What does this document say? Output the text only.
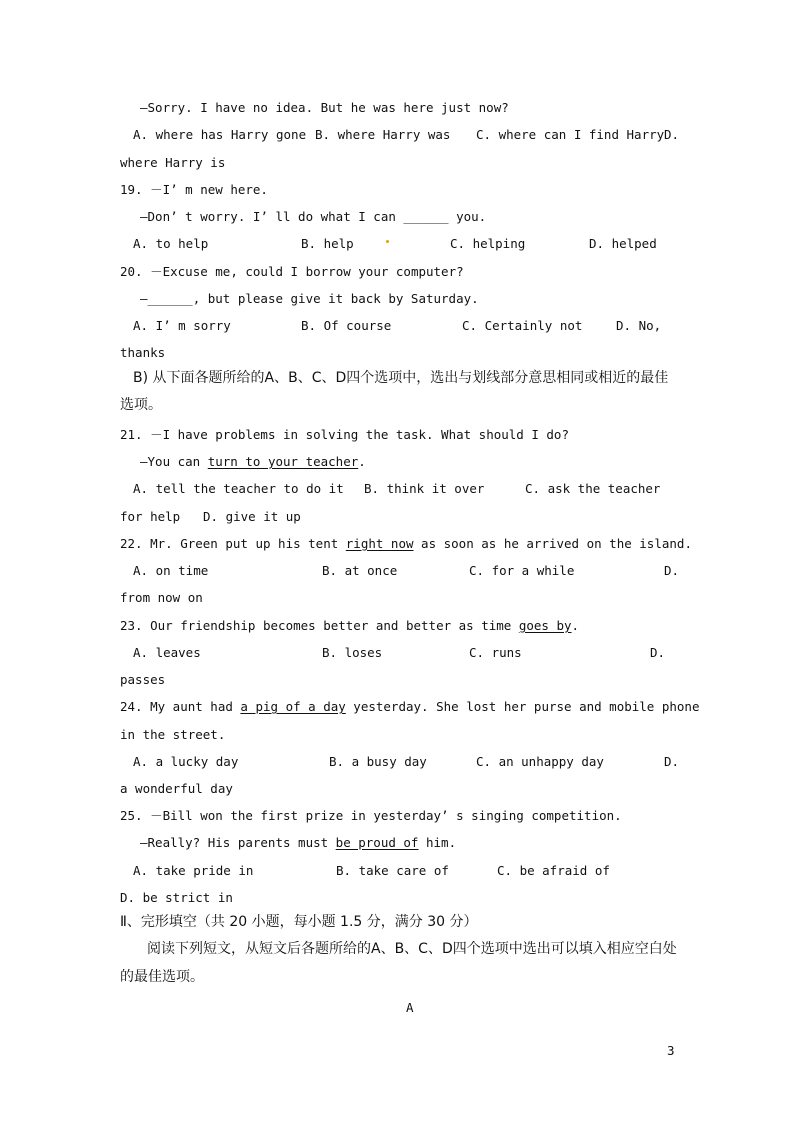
—Sorry. I have no idea. But he was here just now?
A. where has Harry gone B. where Harry was C. where can I find Harry D.
where Harry is
19. －I’ m new here.
—Don’ t worry. I’ ll do what I can ______ you.
A. to help	B. help	C. helping	D. helped
20. －Excuse me, could I borrow your computer?
—______, but please give it back by Saturday.
A. I’ m sorry	B. Of course	C. Certainly not	D. No,
thanks
B) 从下面各题所给的A、B、C、D四个选项中，选出与划线部分意思相同或相近的最佳
选项。
21. －I have problems in solving the task. What should I do?
—You can turn to your teacher.
A. tell the teacher to do it B. think it over	C. ask the teacher
for help D. give it up
22. Mr. Green put up his tent right now as soon as he arrived on the island.
A. on time	B. at once	C. for a while	D.
from now on
23. Our friendship becomes better and better as time goes by.
A. leaves	B. loses	C. runs	D.
passes
24. My aunt had a pig of a day yesterday. She lost her purse and mobile phone
in the street.
A. a lucky day	B. a busy day	C. an unhappy day	D.
a wonderful day
25. －Bill won the first prize in yesterday’ s singing competition.
—Really? His parents must be proud of him.
A. take pride in	B. take care of	C. be afraid of
D. be strict in
Ⅱ、完形填空（共 20 小题，每小题 1.5 分，满分 30 分）
阅读下列短文，从短文后各题所给的A、B、C、D四个选项中选出可以填入相应空白处
的最佳选项。
A
3
